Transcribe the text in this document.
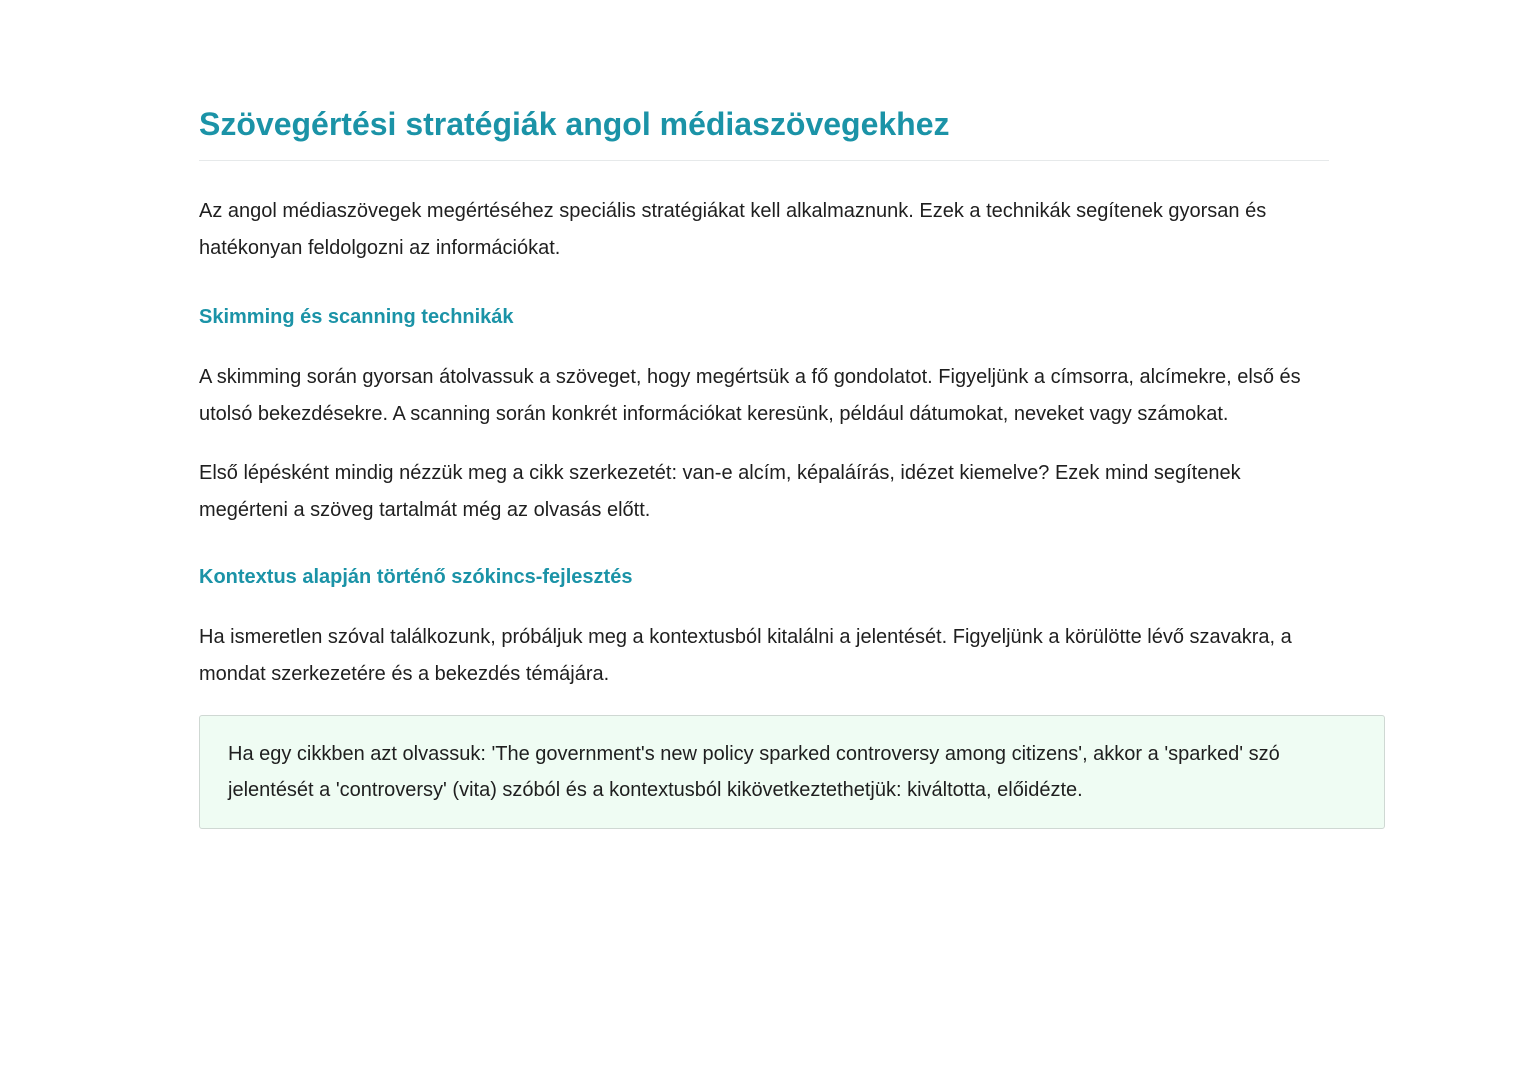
Szövegértési stratégiák angol médiaszövegekhez

Az angol médiaszövegek megértéséhez speciális stratégiákat kell alkalmaznunk. Ezek a technikák segítenek gyorsan és hatékonyan feldolgozni az információkat.

Skimming és scanning technikák

A skimming során gyorsan átolvassuk a szöveget, hogy megértsük a fő gondolatot. Figyeljünk a címsorra, alcímekre, első és utolsó bekezdésekre. A scanning során konkrét információkat keresünk, például dátumokat, neveket vagy számokat.

Első lépésként mindig nézzük meg a cikk szerkezetét: van-e alcím, képaláírás, idézet kiemelve? Ezek mind segítenek megérteni a szöveg tartalmát még az olvasás előtt.

Kontextus alapján történő szókincs-fejlesztés

Ha ismeretlen szóval találkozunk, próbáljuk meg a kontextusból kitalálni a jelentését. Figyeljünk a körülötte lévő szavakra, a mondat szerkezetére és a bekezdés témájára.

Ha egy cikkben azt olvassuk: 'The government's new policy sparked controversy among citizens', akkor a 'sparked' szó jelentését a 'controversy' (vita) szóból és a kontextusból kikövetkeztethetjük: kiváltotta, előidézte.
